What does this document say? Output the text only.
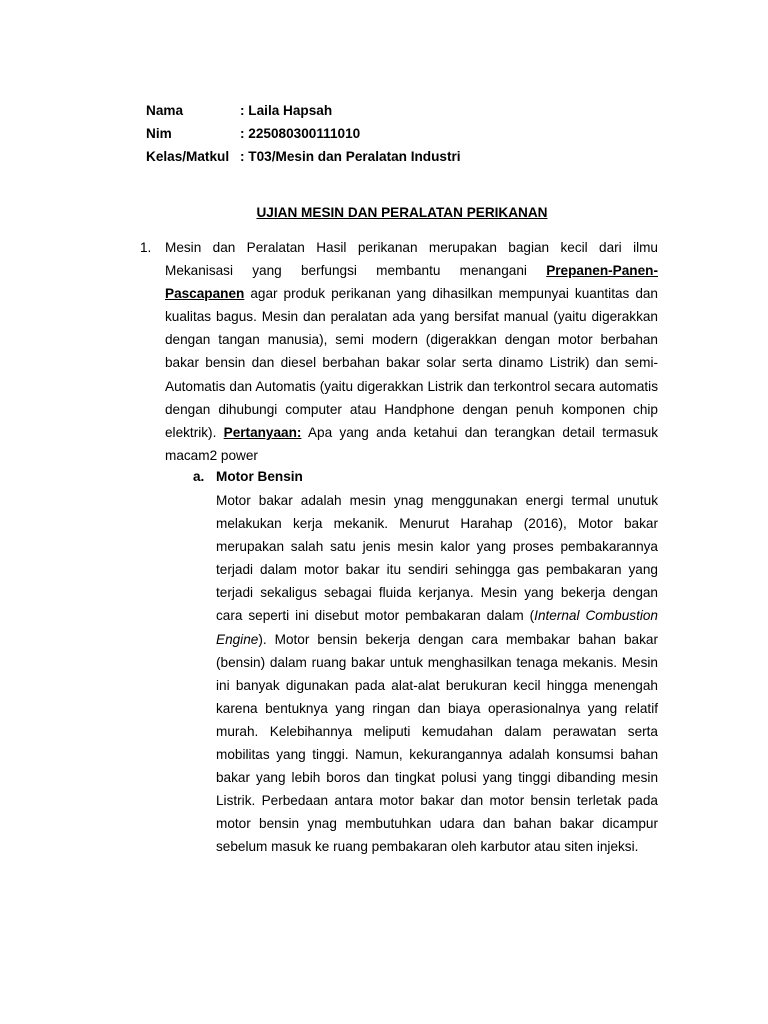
Nama	: Laila Hapsah
Nim	: 225080300111010
Kelas/Matkul : T03/Mesin dan Peralatan Industri
UJIAN MESIN DAN PERALATAN PERIKANAN
1. Mesin dan Peralatan Hasil perikanan merupakan bagian kecil dari ilmu Mekanisasi yang berfungsi membantu menangani Prepanen-Panen-Pascapanen agar produk perikanan yang dihasilkan mempunyai kuantitas dan kualitas bagus. Mesin dan peralatan ada yang bersifat manual (yaitu digerakkan dengan tangan manusia), semi modern (digerakkan dengan motor berbahan bakar bensin dan diesel berbahan bakar solar serta dinamo Listrik) dan semi-Automatis dan Automatis (yaitu digerakkan Listrik dan terkontrol secara automatis dengan dihubungi computer atau Handphone dengan penuh komponen chip elektrik). Pertanyaan: Apa yang anda ketahui dan terangkan detail termasuk macam2 power
a. Motor Bensin
Motor bakar adalah mesin ynag menggunakan energi termal unutuk melakukan kerja mekanik. Menurut Harahap (2016), Motor bakar merupakan salah satu jenis mesin kalor yang proses pembakarannya terjadi dalam motor bakar itu sendiri sehingga gas pembakaran yang terjadi sekaligus sebagai fluida kerjanya. Mesin yang bekerja dengan cara seperti ini disebut motor pembakaran dalam (Internal Combustion Engine). Motor bensin bekerja dengan cara membakar bahan bakar (bensin) dalam ruang bakar untuk menghasilkan tenaga mekanis. Mesin ini banyak digunakan pada alat-alat berukuran kecil hingga menengah karena bentuknya yang ringan dan biaya operasionalnya yang relatif murah. Kelebihannya meliputi kemudahan dalam perawatan serta mobilitas yang tinggi. Namun, kekurangannya adalah konsumsi bahan bakar yang lebih boros dan tingkat polusi yang tinggi dibanding mesin Listrik. Perbedaan antara motor bakar dan motor bensin terletak pada motor bensin ynag membutuhkan udara dan bahan bakar dicampur sebelum masuk ke ruang pembakaran oleh karbutor atau siten injeksi.
